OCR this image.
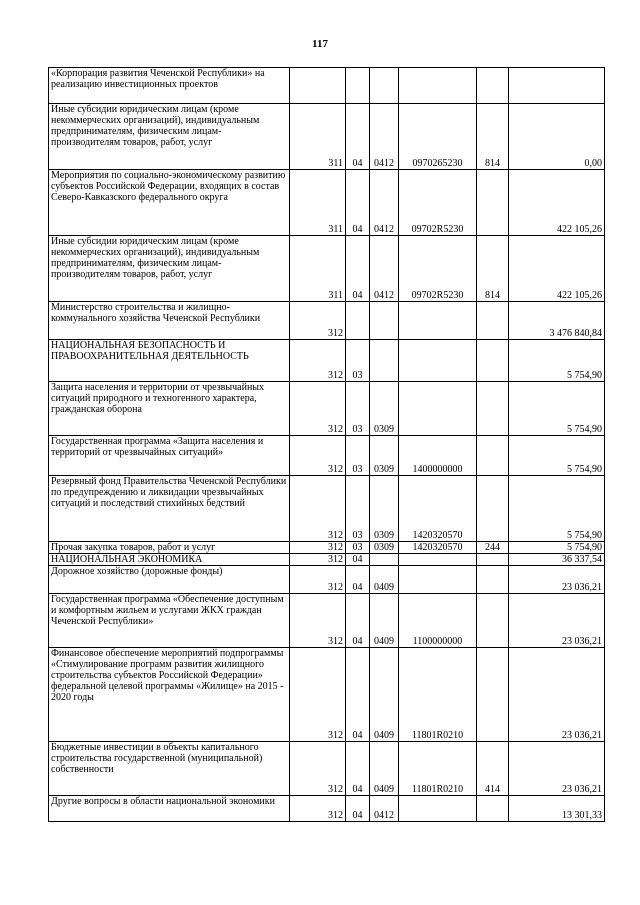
117
«Корпорация развития Чеченской Республики» на реализацию инвестиционных проектов						
Иные субсидии юридическим лицам (кроме некоммерческих организаций), индивидуальным предпринимателям, физическим лицам-производителям товаров, работ, услуг	311	04	0412	0970265230	814	0,00
Мероприятия по социально-экономическому развитию субъектов Российской Федерации, входящих в состав Северо-Кавказского федерального округа	311	04	0412	09702R5230		422 105,26
Иные субсидии юридическим лицам (кроме некоммерческих организаций), индивидуальным предпринимателям, физическим лицам-производителям товаров, работ, услуг	311	04	0412	09702R5230	814	422 105,26
Министерство строительства и жилищно-коммунального хозяйства Чеченской Республики	312					3 476 840,84
НАЦИОНАЛЬНАЯ БЕЗОПАСНОСТЬ И ПРАВООХРАНИТЕЛЬНАЯ ДЕЯТЕЛЬНОСТЬ	312	03				5 754,90
Защита населения и территории от чрезвычайных ситуаций природного и техногенного характера, гражданская оборона	312	03	0309			5 754,90
Государственная программа «Защита населения и территорий от чрезвычайных ситуаций»	312	03	0309	1400000000		5 754,90
Резервный фонд Правительства Чеченской Республики по предупреждению и ликвидации чрезвычайных ситуаций и последствий стихийных бедствий	312	03	0309	1420320570		5 754,90
Прочая закупка товаров, работ и услуг	312	03	0309	1420320570	244	5 754,90
НАЦИОНАЛЬНАЯ ЭКОНОМИКА	312	04				36 337,54
Дорожное хозяйство (дорожные фонды)	312	04	0409			23 036,21
Государственная программа «Обеспечение доступным и комфортным жильем и услугами ЖКХ граждан Чеченской Республики»	312	04	0409	1100000000		23 036,21
Финансовое обеспечение мероприятий подпрограммы «Стимулирование программ развития жилищного строительства субъектов Российской Федерации» федеральной целевой программы «Жилище» на 2015 - 2020 годы	312	04	0409	11801R0210		23 036,21
Бюджетные инвестиции в объекты капитального строительства государственной (муниципальной) собственности	312	04	0409	11801R0210	414	23 036,21
Другие вопросы в области национальной экономики	312	04	0412			13 301,33
